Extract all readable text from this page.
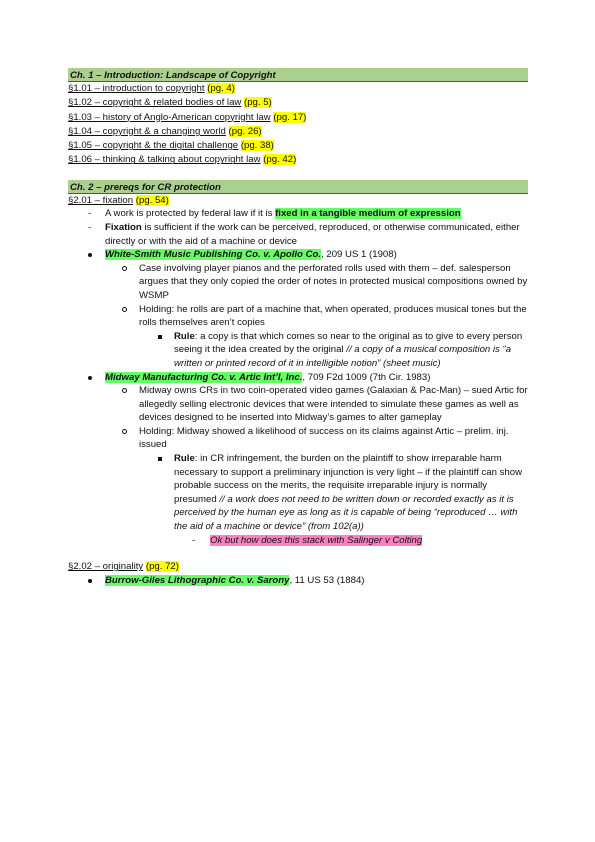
Ch. 1 – Introduction: Landscape of Copyright
§1.01 – introduction to copyright (pg. 4)
§1.02 – copyright & related bodies of law (pg. 5)
§1.03 – history of Anglo-American copyright law (pg. 17)
§1.04 – copyright & a changing world (pg. 26)
§1.05 – copyright & the digital challenge (pg. 38)
§1.06 – thinking & talking about copyright law (pg. 42)
Ch. 2 – prereqs for CR protection
§2.01 – fixation (pg. 54)
- A work is protected by federal law if it is fixed in a tangible medium of expression
- Fixation is sufficient if the work can be perceived, reproduced, or otherwise communicated, either directly or with the aid of a machine or device
White-Smith Music Publishing Co. v. Apollo Co., 209 US 1 (1908)
Case involving player pianos and the perforated rolls used with them – def. salesperson argues that they only copied the order of notes in protected musical compositions owned by WSMP
Holding: he rolls are part of a machine that, when operated, produces musical tones but the rolls themselves aren’t copies
Rule: a copy is that which comes so near to the original as to give to every person seeing it the idea created by the original // a copy of a musical composition is “a written or printed record of it in intelligible notion” (sheet music)
Midway Manufacturing Co. v. Artic Int’l, Inc., 709 F2d 1009 (7th Cir. 1983)
Midway owns CRs in two coin-operated video games (Galaxian & Pac-Man) – sued Artic for allegedly selling electronic devices that were intended to simulate these games as well as devices designed to be inserted into Midway’s games to alter gameplay
Holding: Midway showed a likelihood of success on its claims against Artic – prelim. inj. issued
Rule: in CR infringement, the burden on the plaintiff to show irreparable harm necessary to support a preliminary injunction is very light – if the plaintiff can show probable success on the merits, the requisite irreparable injury is normally presumed // a work does not need to be written down or recorded exactly as it is perceived by the human eye as long as it is capable of being “reproduced … with the aid of a machine or device” (from 102(a))
- Ok but how does this stack with Salinger v Colting
§2.02 – originality (pg. 72)
Burrow-Giles Lithographic Co. v. Sarony, 11 US 53 (1884)
